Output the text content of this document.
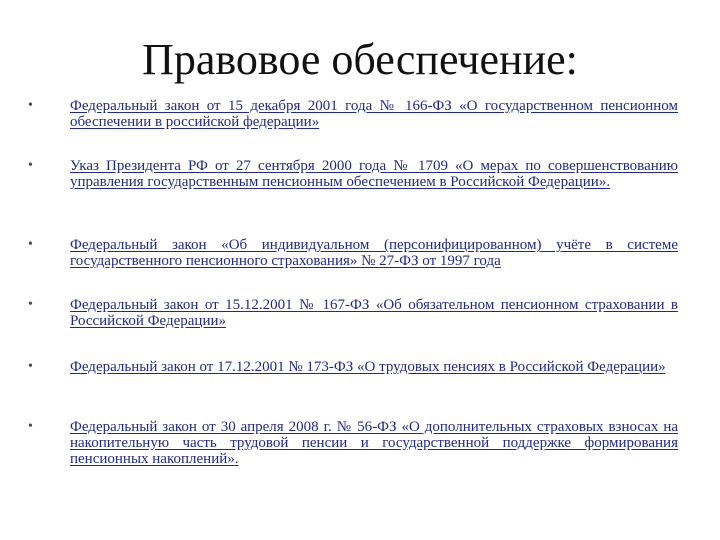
Правовое обеспечение:
• Федеральный закон от 15 декабря 2001 года № 166-ФЗ «О государственном пенсионном обеспечении в российской федерации»
• Указ Президента РФ от 27 сентября 2000 года № 1709 «О мерах по совершенствованию управления государственным пенсионным обеспечением в Российской Федерации».
• Федеральный закон «Об индивидуальном (персонифицированном) учёте в системе государственного пенсионного страхования» № 27-ФЗ от 1997 года
• Федеральный закон от 15.12.2001 № 167-ФЗ «Об обязательном пенсионном страховании в Российской Федерации»
• Федеральный закон от 17.12.2001 № 173-ФЗ «О трудовых пенсиях в Российской Федерации»
• Федеральный закон от 30 апреля 2008 г. № 56-ФЗ «О дополнительных страховых взносах на накопительную часть трудовой пенсии и государственной поддержке формирования пенсионных накоплений».
